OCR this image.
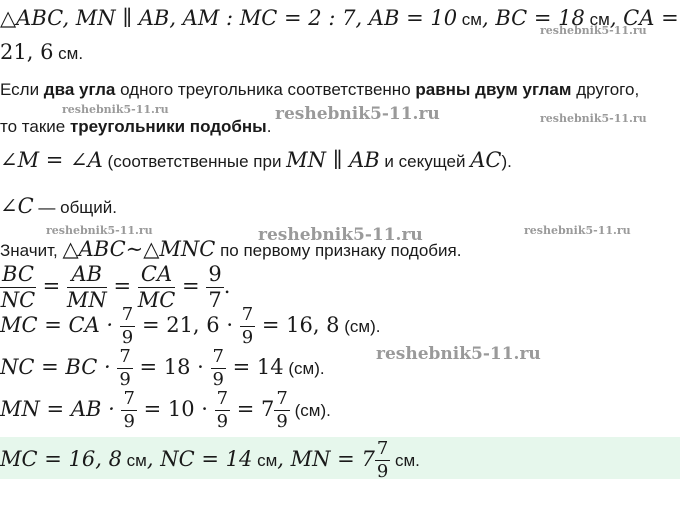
△ABC, MN ∥ AB, AM : MC = 2 : 7, AB = 10 см, BC = 18 см, CA =
21, 6 см.
Если два угла одного треугольника соответственно равны двум углам другого,
то такие треугольники подобны.
∠M = ∠A (соответственные при MN ∥ AB и секущей AC).
∠C — общий.
Значит, △ABC∼△MNC по первому признаку подобия.
$\frac{BC}{NC} = \frac{AB}{MN} = \frac{CA}{MC} = \frac{9}{7}$ .
MC = CA · $\frac{7}{9} = 21$, $6 \cdot \frac{7}{9} = 16$, 8 (см).
NC = BC · $\frac{7}{9} = 18 \cdot \frac{7}{9} = 14$ (см).
MN = AB · $\frac{7}{9} = 10 \cdot \frac{7}{9} = 7 \frac{7}{9} (см)$.
MC = 16, 8 см, NC = 14 см, MN = $7 \frac{7}{9}$ см.
reshebnik5-11.ru
reshebnik5-11.ru	reshebnik5-11.ru	reshebnik5-11.ru
reshebnik5-11.ru	reshebnik5-11.ru	reshebnik5-11.ru
reshebnik5-11.ru
